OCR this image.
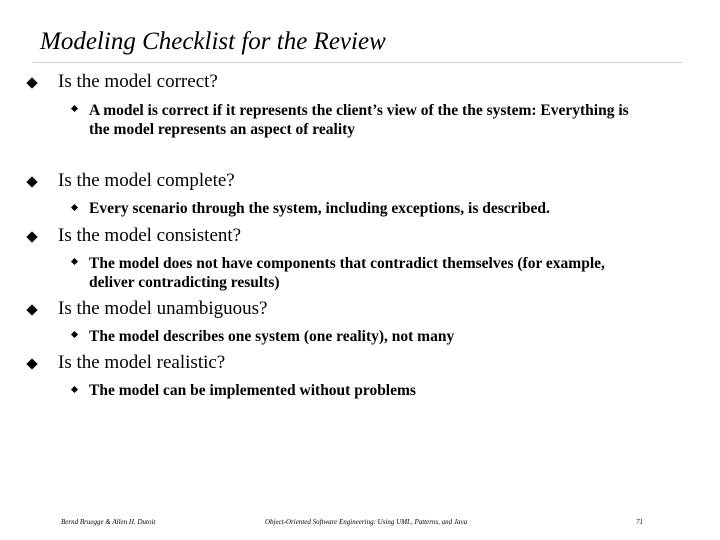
Modeling Checklist for the Review
Is the model correct?
A model is correct if it represents the client’s view of the the system: Everything is the model represents an aspect of reality
Is the model complete?
Every scenario through the system, including exceptions, is described.
Is the model consistent?
The model does not have components that contradict themselves (for example, deliver contradicting results)
Is the model unambiguous?
The model describes one system (one reality), not many
Is the model realistic?
The model can be implemented without problems
Bernd Bruegge & Allen H. Dutoit	Object-Oriented Software Engineering: Using UML, Patterns, and Java	71
